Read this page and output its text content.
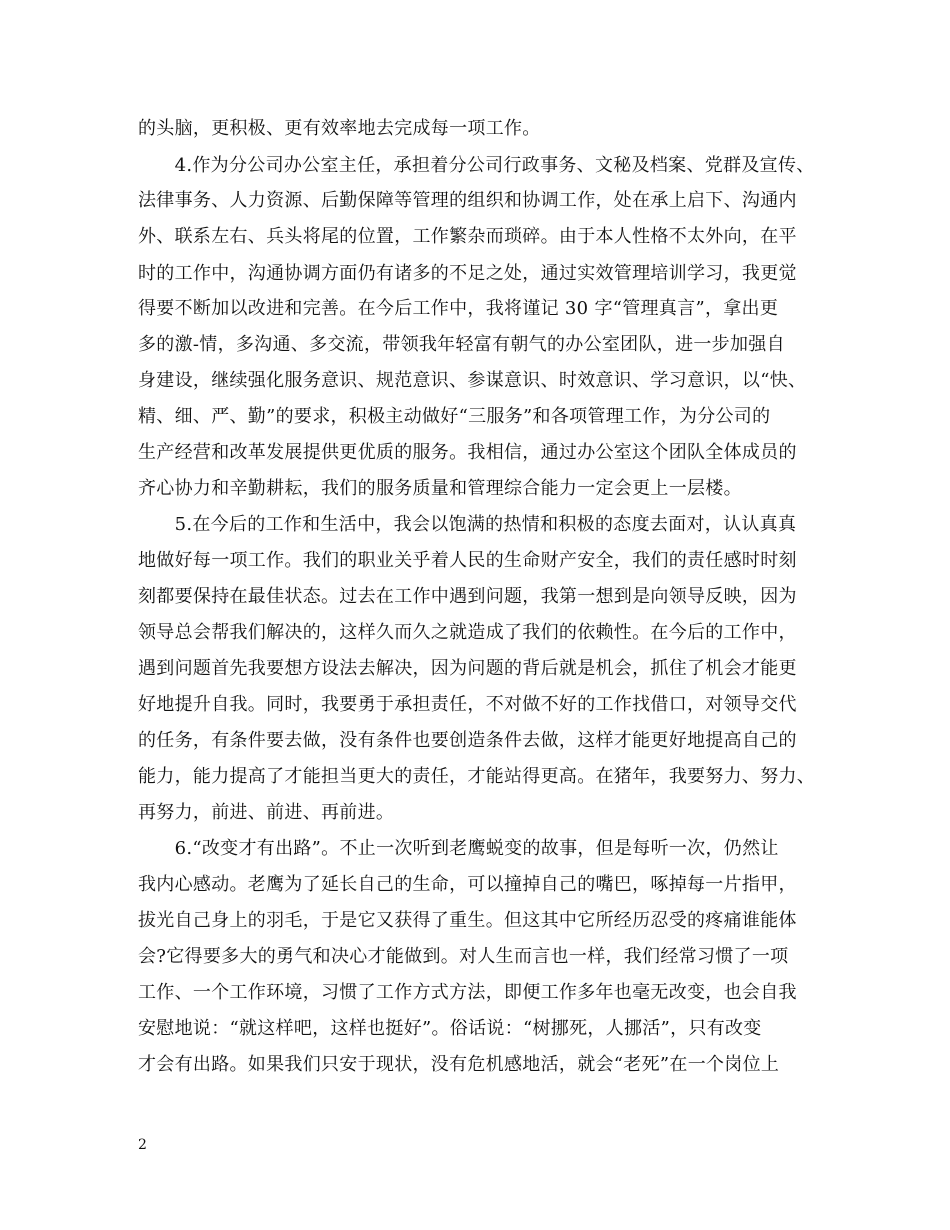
的头脑，更积极、更有效率地去完成每一项工作。
　　4.作为分公司办公室主任，承担着分公司行政事务、文秘及档案、党群及宣传、
法律事务、人力资源、后勤保障等管理的组织和协调工作，处在承上启下、沟通内
外、联系左右、兵头将尾的位置，工作繁杂而琐碎。由于本人性格不太外向，在平
时的工作中，沟通协调方面仍有诸多的不足之处，通过实效管理培训学习，我更觉
得要不断加以改进和完善。在今后工作中，我将谨记 30 字“管理真言”，拿出更
多的激-情，多沟通、多交流，带领我年轻富有朝气的办公室团队，进一步加强自
身建设，继续强化服务意识、规范意识、参谋意识、时效意识、学习意识，以“快、
精、细、严、勤”的要求，积极主动做好“三服务”和各项管理工作，为分公司的
生产经营和改革发展提供更优质的服务。我相信，通过办公室这个团队全体成员的
齐心协力和辛勤耕耘，我们的服务质量和管理综合能力一定会更上一层楼。
　　5.在今后的工作和生活中，我会以饱满的热情和积极的态度去面对，认认真真
地做好每一项工作。我们的职业关乎着人民的生命财产安全，我们的责任感时时刻
刻都要保持在最佳状态。过去在工作中遇到问题，我第一想到是向领导反映，因为
领导总会帮我们解决的，这样久而久之就造成了我们的依赖性。在今后的工作中，
遇到问题首先我要想方设法去解决，因为问题的背后就是机会，抓住了机会才能更
好地提升自我。同时，我要勇于承担责任，不对做不好的工作找借口，对领导交代
的任务，有条件要去做，没有条件也要创造条件去做，这样才能更好地提高自己的
能力，能力提高了才能担当更大的责任，才能站得更高。在猪年，我要努力、努力、
再努力，前进、前进、再前进。
　　6.“改变才有出路”。不止一次听到老鹰蜕变的故事，但是每听一次，仍然让
我内心感动。老鹰为了延长自己的生命，可以撞掉自己的嘴巴，啄掉每一片指甲，
拔光自己身上的羽毛，于是它又获得了重生。但这其中它所经历忍受的疼痛谁能体
会?它得要多大的勇气和决心才能做到。对人生而言也一样，我们经常习惯了一项
工作、一个工作环境，习惯了工作方式方法，即便工作多年也毫无改变，也会自我
安慰地说：“就这样吧，这样也挺好”。俗话说：“树挪死，人挪活”，只有改变
才会有出路。如果我们只安于现状，没有危机感地活，就会“老死”在一个岗位上
2
